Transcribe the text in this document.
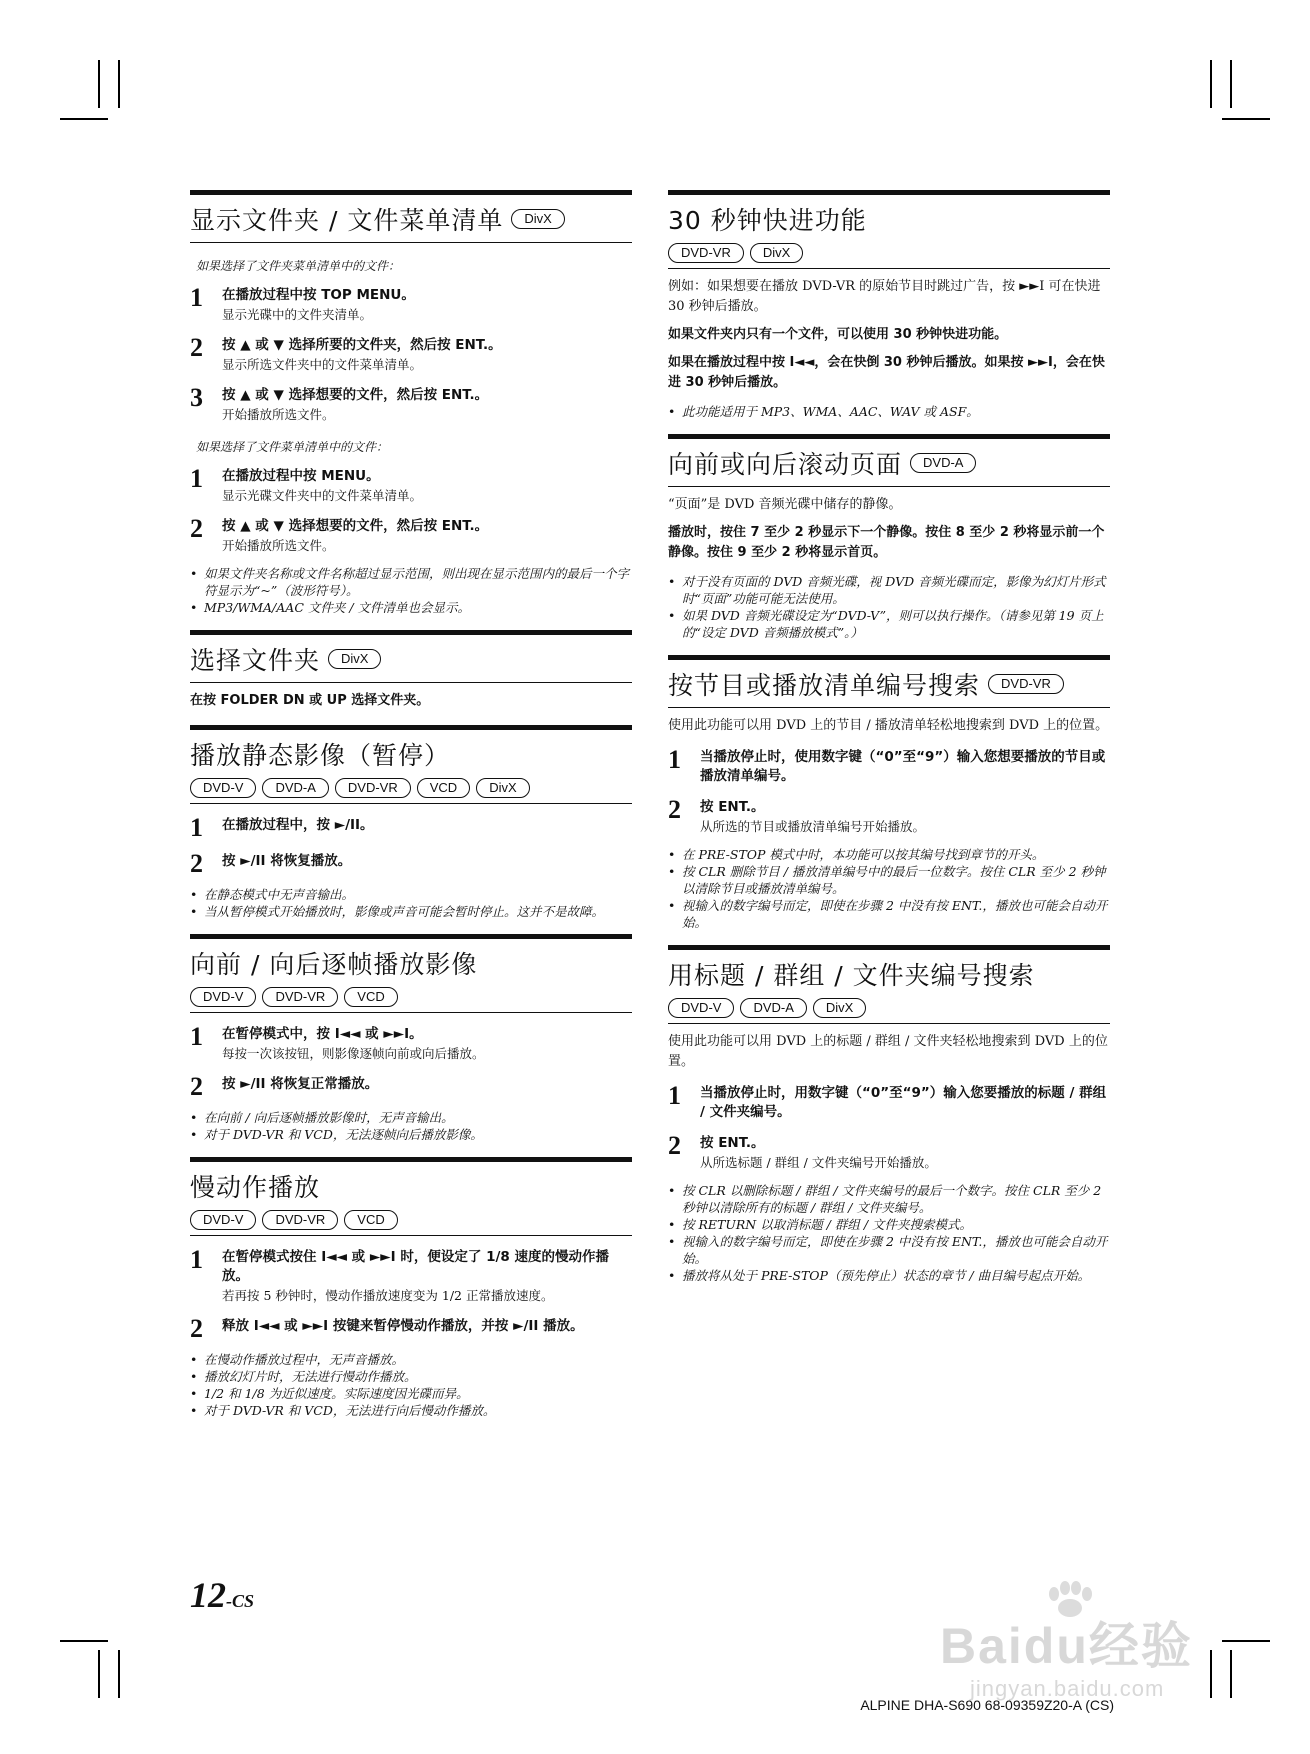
显示文件夹 / 文件菜单清单	DivX
如果选择了文件夹菜单清单中的文件：
1	在播放过程中按 TOP MENU。
显示光碟中的文件夹清单。
2	按 ▲ 或 ▼ 选择所要的文件夹，然后按 ENT.。
显示所选文件夹中的文件菜单清单。
3	按 ▲ 或 ▼ 选择想要的文件，然后按 ENT.。
开始播放所选文件。
如果选择了文件菜单清单中的文件：
1	在播放过程中按 MENU。
显示光碟文件夹中的文件菜单清单。
2	按 ▲ 或 ▼ 选择想要的文件，然后按 ENT.。
开始播放所选文件。
• 如果文件夹名称或文件名称超过显示范围，则出现在显示范围内的最后一个字符显示为“~”（波形符号）。
• MP3/WMA/AAC 文件夹 / 文件清单也会显示。
选择文件夹	DivX
在按 FOLDER DN 或 UP 选择文件夹。
播放静态影像（暂停）
DVD-V	DVD-A	DVD-VR	VCD	DivX
1	在播放过程中，按 ►/II。
2	按 ►/II 将恢复播放。
• 在静态模式中无声音输出。
• 当从暂停模式开始播放时，影像或声音可能会暂时停止。这并不是故障。
向前 / 向后逐帧播放影像
DVD-V	DVD-VR	VCD
1	在暂停模式中，按 I◄◄ 或 ►►I。
每按一次该按钮，则影像逐帧向前或向后播放。
2	按 ►/II 将恢复正常播放。
• 在向前 / 向后逐帧播放影像时，无声音输出。
• 对于 DVD-VR 和 VCD，无法逐帧向后播放影像。
慢动作播放
DVD-V	DVD-VR	VCD
1	在暂停模式按住 I◄◄ 或 ►►I 时，便设定了 1/8 速度的慢动作播放。
若再按 5 秒钟时，慢动作播放速度变为 1/2 正常播放速度。
2	释放 I◄◄ 或 ►►I 按键来暂停慢动作播放，并按 ►/II 播放。
• 在慢动作播放过程中，无声音播放。
• 播放幻灯片时，无法进行慢动作播放。
• 1/2 和 1/8 为近似速度。实际速度因光碟而异。
• 对于 DVD-VR 和 VCD，无法进行向后慢动作播放。
30 秒钟快进功能
DVD-VR	DivX
例如：如果想要在播放 DVD-VR 的原始节目时跳过广告，按 ►►I 可在快进 30 秒钟后播放。
如果文件夹内只有一个文件，可以使用 30 秒钟快进功能。
如果在播放过程中按 I◄◄，会在快倒 30 秒钟后播放。如果按 ►►I，会在快进 30 秒钟后播放。
• 此功能适用于 MP3、WMA、AAC、WAV 或 ASF。
向前或向后滚动页面	DVD-A
“页面”是 DVD 音频光碟中储存的静像。
播放时，按住 7 至少 2 秒显示下一个静像。按住 8 至少 2 秒将显示前一个静像。按住 9 至少 2 秒将显示首页。
• 对于没有页面的 DVD 音频光碟，视 DVD 音频光碟而定，影像为幻灯片形式时“页面”功能可能无法使用。
• 如果 DVD 音频光碟设定为“DVD-V”，则可以执行操作。（请参见第 19 页上的“设定 DVD 音频播放模式”。）
按节目或播放清单编号搜索	DVD-VR
使用此功能可以用 DVD 上的节目 / 播放清单轻松地搜索到 DVD 上的位置。
1	当播放停止时，使用数字键（“0”至“9”）输入您想要播放的节目或播放清单编号。
2	按 ENT.。
从所选的节目或播放清单编号开始播放。
• 在 PRE-STOP 模式中时，本功能可以按其编号找到章节的开头。
• 按 CLR 删除节目 / 播放清单编号中的最后一位数字。按住 CLR 至少 2 秒钟以清除节目或播放清单编号。
• 视输入的数字编号而定，即使在步骤 2 中没有按 ENT.，播放也可能会自动开始。
用标题 / 群组 / 文件夹编号搜索
DVD-V	DVD-A	DivX
使用此功能可以用 DVD 上的标题 / 群组 / 文件夹轻松地搜索到 DVD 上的位置。
1	当播放停止时，用数字键（“0”至“9”）输入您要播放的标题 / 群组 / 文件夹编号。
2	按 ENT.。
从所选标题 / 群组 / 文件夹编号开始播放。
• 按 CLR 以删除标题 / 群组 / 文件夹编号的最后一个数字。按住 CLR 至少 2 秒钟以清除所有的标题 / 群组 / 文件夹编号。
• 按 RETURN 以取消标题 / 群组 / 文件夹搜索模式。
• 视输入的数字编号而定，即使在步骤 2 中没有按 ENT.，播放也可能会自动开始。
• 播放将从处于 PRE-STOP（预先停止）状态的章节 / 曲目编号起点开始。
12-CS
ALPINE DHA-S690 68-09359Z20-A (CS)
Baidu经验
jingyan.baidu.com
